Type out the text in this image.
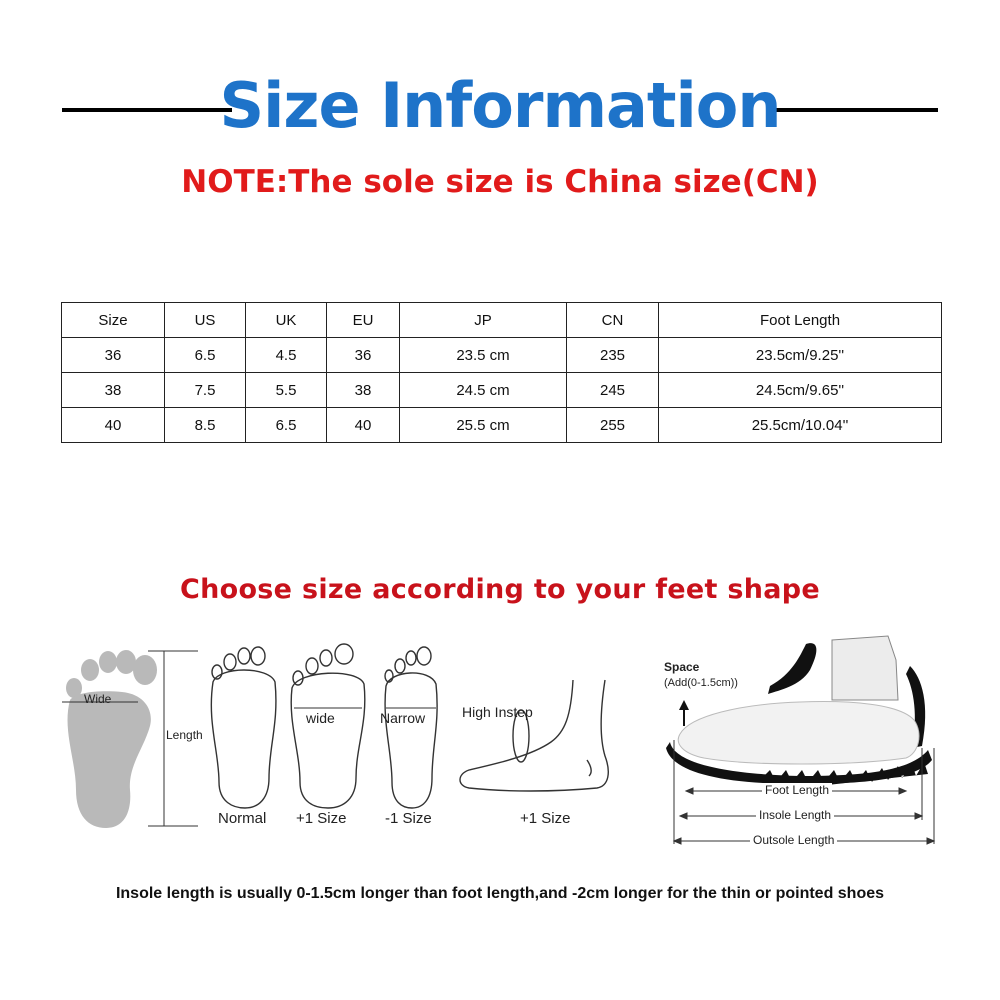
Size Information
NOTE:The sole size is China size(CN)
Size	US	UK	EU	JP	CN	Foot Length
36	6.5	4.5	36	23.5 cm	235	23.5cm/9.25''
38	7.5	5.5	38	24.5 cm	245	24.5cm/9.65''
40	8.5	6.5	40	25.5 cm	255	25.5cm/10.04''
Choose size according to your feet shape
Wide
Length
Normal
wide
+1 Size
Narrow
-1 Size
High Instep
+1 Size
Space
(Add(0-1.5cm))
Foot Length
Insole Length
Outsole Length
Insole length is usually 0-1.5cm longer than foot length,and -2cm longer for the thin or pointed shoes
